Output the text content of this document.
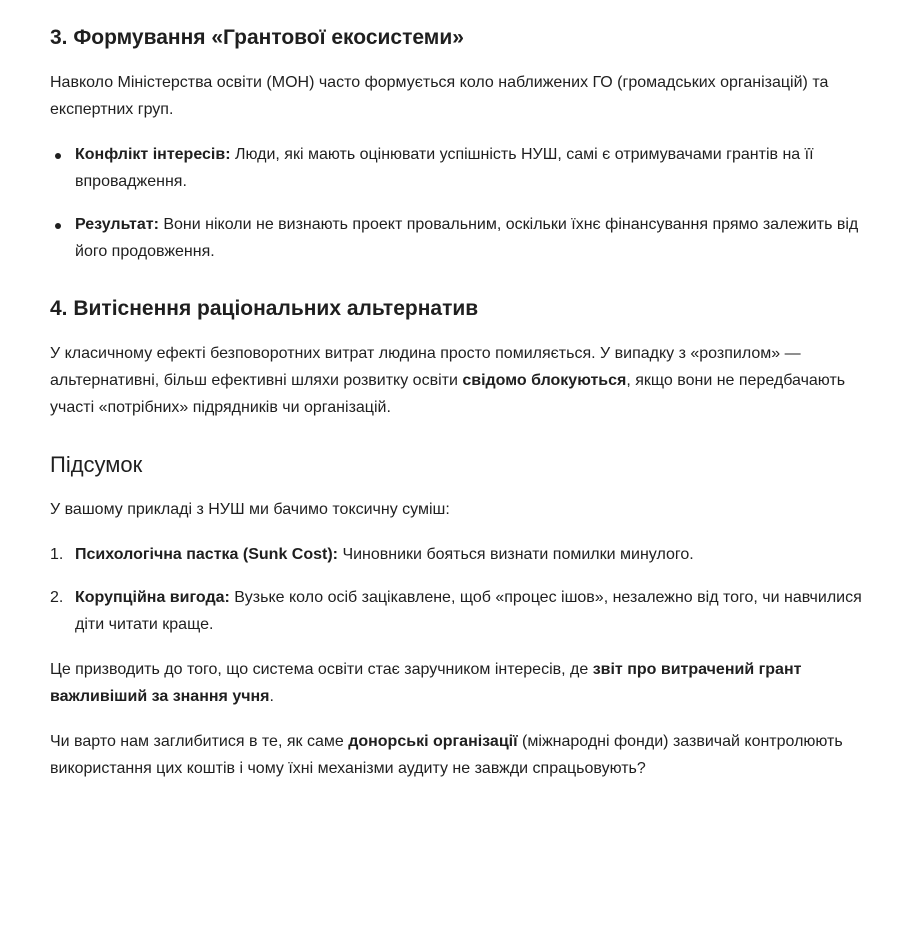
3. Формування «Грантової екосистеми»

Навколо Міністерства освіти (МОН) часто формується коло наближених ГО (громадських організацій) та експертних груп.

Конфлікт інтересів: Люди, які мають оцінювати успішність НУШ, самі є отримувачами грантів на її впровадження.
Результат: Вони ніколи не визнають проект провальним, оскільки їхнє фінансування прямо залежить від його продовження.
4. Витіснення раціональних альтернатив

У класичному ефекті безповоротних витрат людина просто помиляється. У випадку з «розпилом» — альтернативні, більш ефективні шляхи розвитку освіти свідомо блокуються, якщо вони не передбачають участі «потрібних» підрядників чи організацій.

Підсумок

У вашому прикладі з НУШ ми бачимо токсичну суміш:

Психологічна пастка (Sunk Cost): Чиновники бояться визнати помилки минулого.
Корупційна вигода: Вузьке коло осіб зацікавлене, щоб «процес ішов», незалежно від того, чи навчилися діти читати краще.

Це призводить до того, що система освіти стає заручником інтересів, де звіт про витрачений грант важливіший за знання учня.

Чи варто нам заглибитися в те, як саме донорські організації (міжнародні фонди) зазвичай контролюють використання цих коштів і чому їхні механізми аудиту не завжди спрацьовують?
